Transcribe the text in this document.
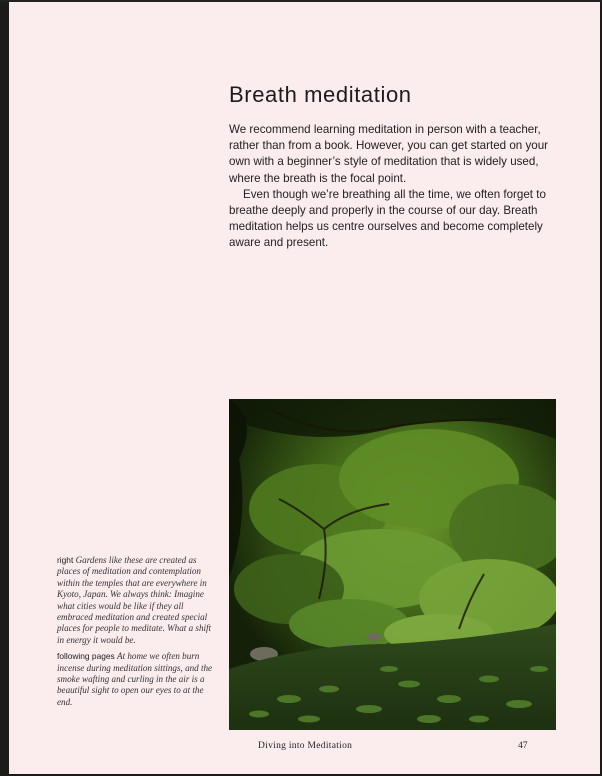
Breath meditation

We recommend learning meditation in person with a teacher, rather than from a book. However, you can get started on your own with a beginner’s style of meditation that is widely used, where the breath is the focal point.

Even though we’re breathing all the time, we often forget to breathe deeply and properly in the course of our day. Breath meditation helps us centre ourselves and become completely aware and present.

right Gardens like these are created as places of meditation and contemplation within the temples that are everywhere in Kyoto, Japan. We always think: Imagine what cities would be like if they all embraced meditation and created special places for people to meditate. What a shift in energy it would be.

following pages At home we often burn incense during meditation sittings, and the smoke wafting and curling in the air is a beautiful sight to open our eyes to at the end.

Diving into Meditation	47
